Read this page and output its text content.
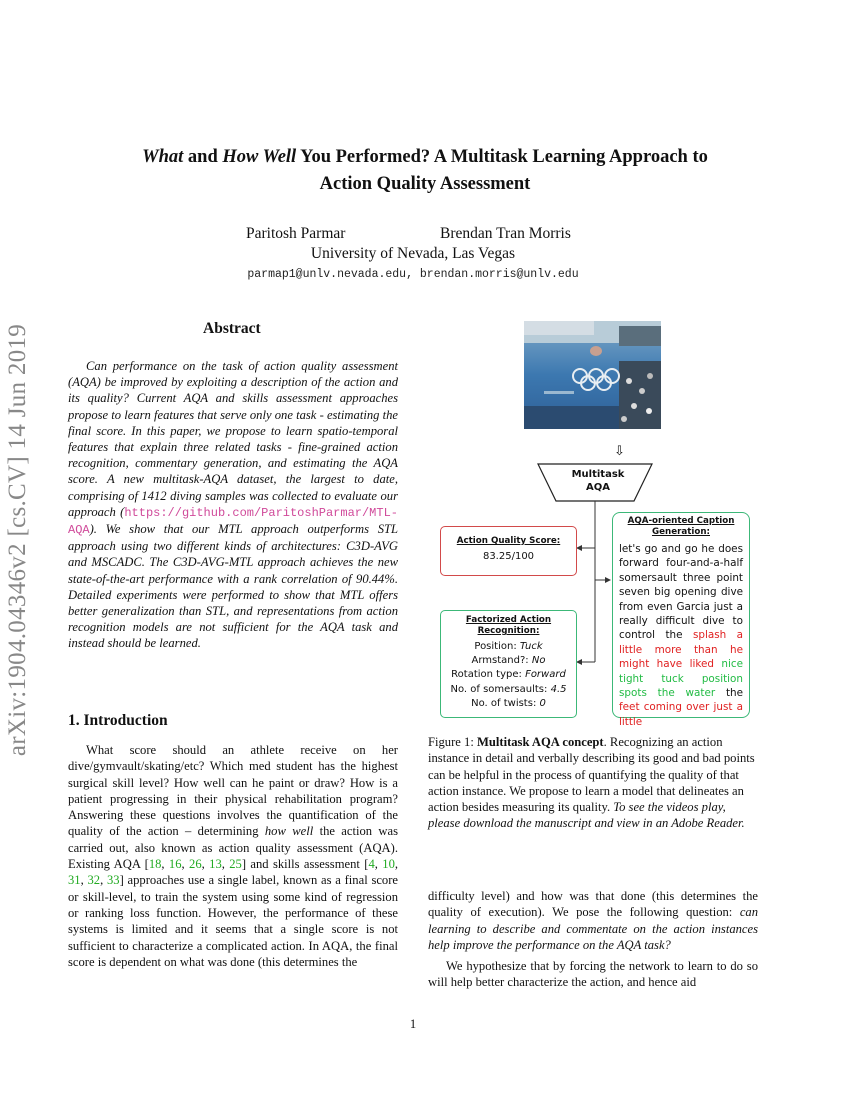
What and How Well You Performed? A Multitask Learning Approach to
Action Quality Assessment
Paritosh Parmar	Brendan Tran Morris
University of Nevada, Las Vegas
parmap1@unlv.nevada.edu, brendan.morris@unlv.edu
arXiv:1904.04346v2 [cs.CV] 14 Jun 2019	Abstract
Can performance on the task of action quality assessment (AQA) be improved by exploiting a description of the action and its quality? Current AQA and skills assessment approaches propose to learn features that serve only one task - estimating the final score. In this paper, we propose to learn spatio-temporal features that explain three related tasks - fine-grained action recognition, commentary generation, and estimating the AQA score. A new multitask-AQA dataset, the largest to date, comprising of 1412 diving samples was collected to evaluate our approach (https://github.com/ParitoshParmar/MTL-AQA). We show that our MTL approach outperforms STL approach using two different kinds of architectures: C3D-AVG and MSCADC. The C3D-AVG-MTL approach achieves the new state-of-the-art performance with a rank correlation of 90.44%. Detailed experiments were performed to show that MTL offers better generalization than STL, and representations from action recognition models are not sufficient for the AQA task and instead should be learned.
1. Introduction
What score should an athlete receive on her dive/gymvault/skating/etc? Which med student has the highest surgical skill level? How well can he paint or draw? How is a patient progressing in their physical rehabilitation program? Answering these questions involves the quantification of the quality of the action – determining how well the action was carried out, also known as action quality assessment (AQA). Existing AQA [18, 16, 26, 13, 25] and skills assessment [4, 10, 31, 32, 33] approaches use a single label, known as a final score or skill-level, to train the system using some kind of regression or ranking loss function. However, the performance of these systems is limited and it seems that a single score is not sufficient to characterize a complicated action. In AQA, the final score is dependent on what was done (this determines the
⇩
Multitask
AQA
Action Quality Score:
83.25/100
Factorized Action Recognition:
Position: Tuck
Armstand?: No
Rotation type: Forward
No. of somersaults: 4.5
No. of twists: 0
AQA-oriented Caption Generation:
let's go and go he does forward four-and-a-half somersault three point seven big opening dive from even Garcia just a really difficult dive to control the splash a little more than he might have liked nice tight tuck position spots the water the feet coming over just a little
Figure 1: Multitask AQA concept. Recognizing an action instance in detail and verbally describing its good and bad points can be helpful in the process of quantifying the quality of that action instance. We propose to learn a model that delineates an action besides measuring its quality. To see the videos play, please download the manuscript and view in an Adobe Reader.
difficulty level) and how was that done (this determines the quality of execution). We pose the following question: can learning to describe and commentate on the action instances help improve the performance on the AQA task?
We hypothesize that by forcing the network to learn to do so will help better characterize the action, and hence aid
1
